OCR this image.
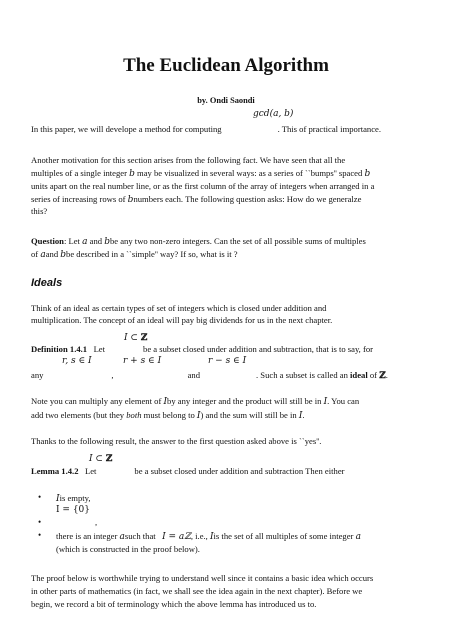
The Euclidean Algorithm
by. Ondi Saondi
gcd(a, b)
In this paper, we will develope a method for computing	. This of practical importance.
Another motivation for this section arises from the following fact. We have seen that all the
multiples of a single integer b may be visualized in several ways: as a series of ``bumps'' spaced b
units apart on the real number line, or as the first column of the array of integers when arranged in a
series of increasing rows of bnumbers each. The following question asks: How do we generalze
this?
Question: Let a and bbe any two non-zero integers. Can the set of all possible sums of multiples
of aand bbe described in a ``simple'' way? If so, what is it ?
Ideals
Think of an ideal as certain types of set of integers which is closed under addition and
multiplication. The concept of an ideal will pay big dividends for us in the next chapter.
I ⊂ ℤ
Definition 1.4.1 Let	be a subset closed under addition and subtraction, that is to say, for
r, s ∈ I	r + s ∈ I	r − s ∈ I
any	,	and	. Such a subset is called an ideal of ℤ.
Note you can multiply any element of Iby any integer and the product will still be in I. You can
add two elements (but they both must belong to I) and the sum will still be in I.
Thanks to the following result, the answer to the first question asked above is ``yes''.
I ⊂ ℤ
Lemma 1.4.2 Let	be a subset closed under addition and subtraction Then either
• Iis empty,
I = {0}
•	,
• there is an integer asuch that I = aℤ, i.e., Iis the set of all multiples of some integer a
(which is constructed in the proof below).
The proof below is worthwhile trying to understand well since it contains a basic idea which occurs
in other parts of mathematics (in fact, we shall see the idea again in the next chapter). Before we
begin, we record a bit of terminology which the above lemma has introduced us to.
